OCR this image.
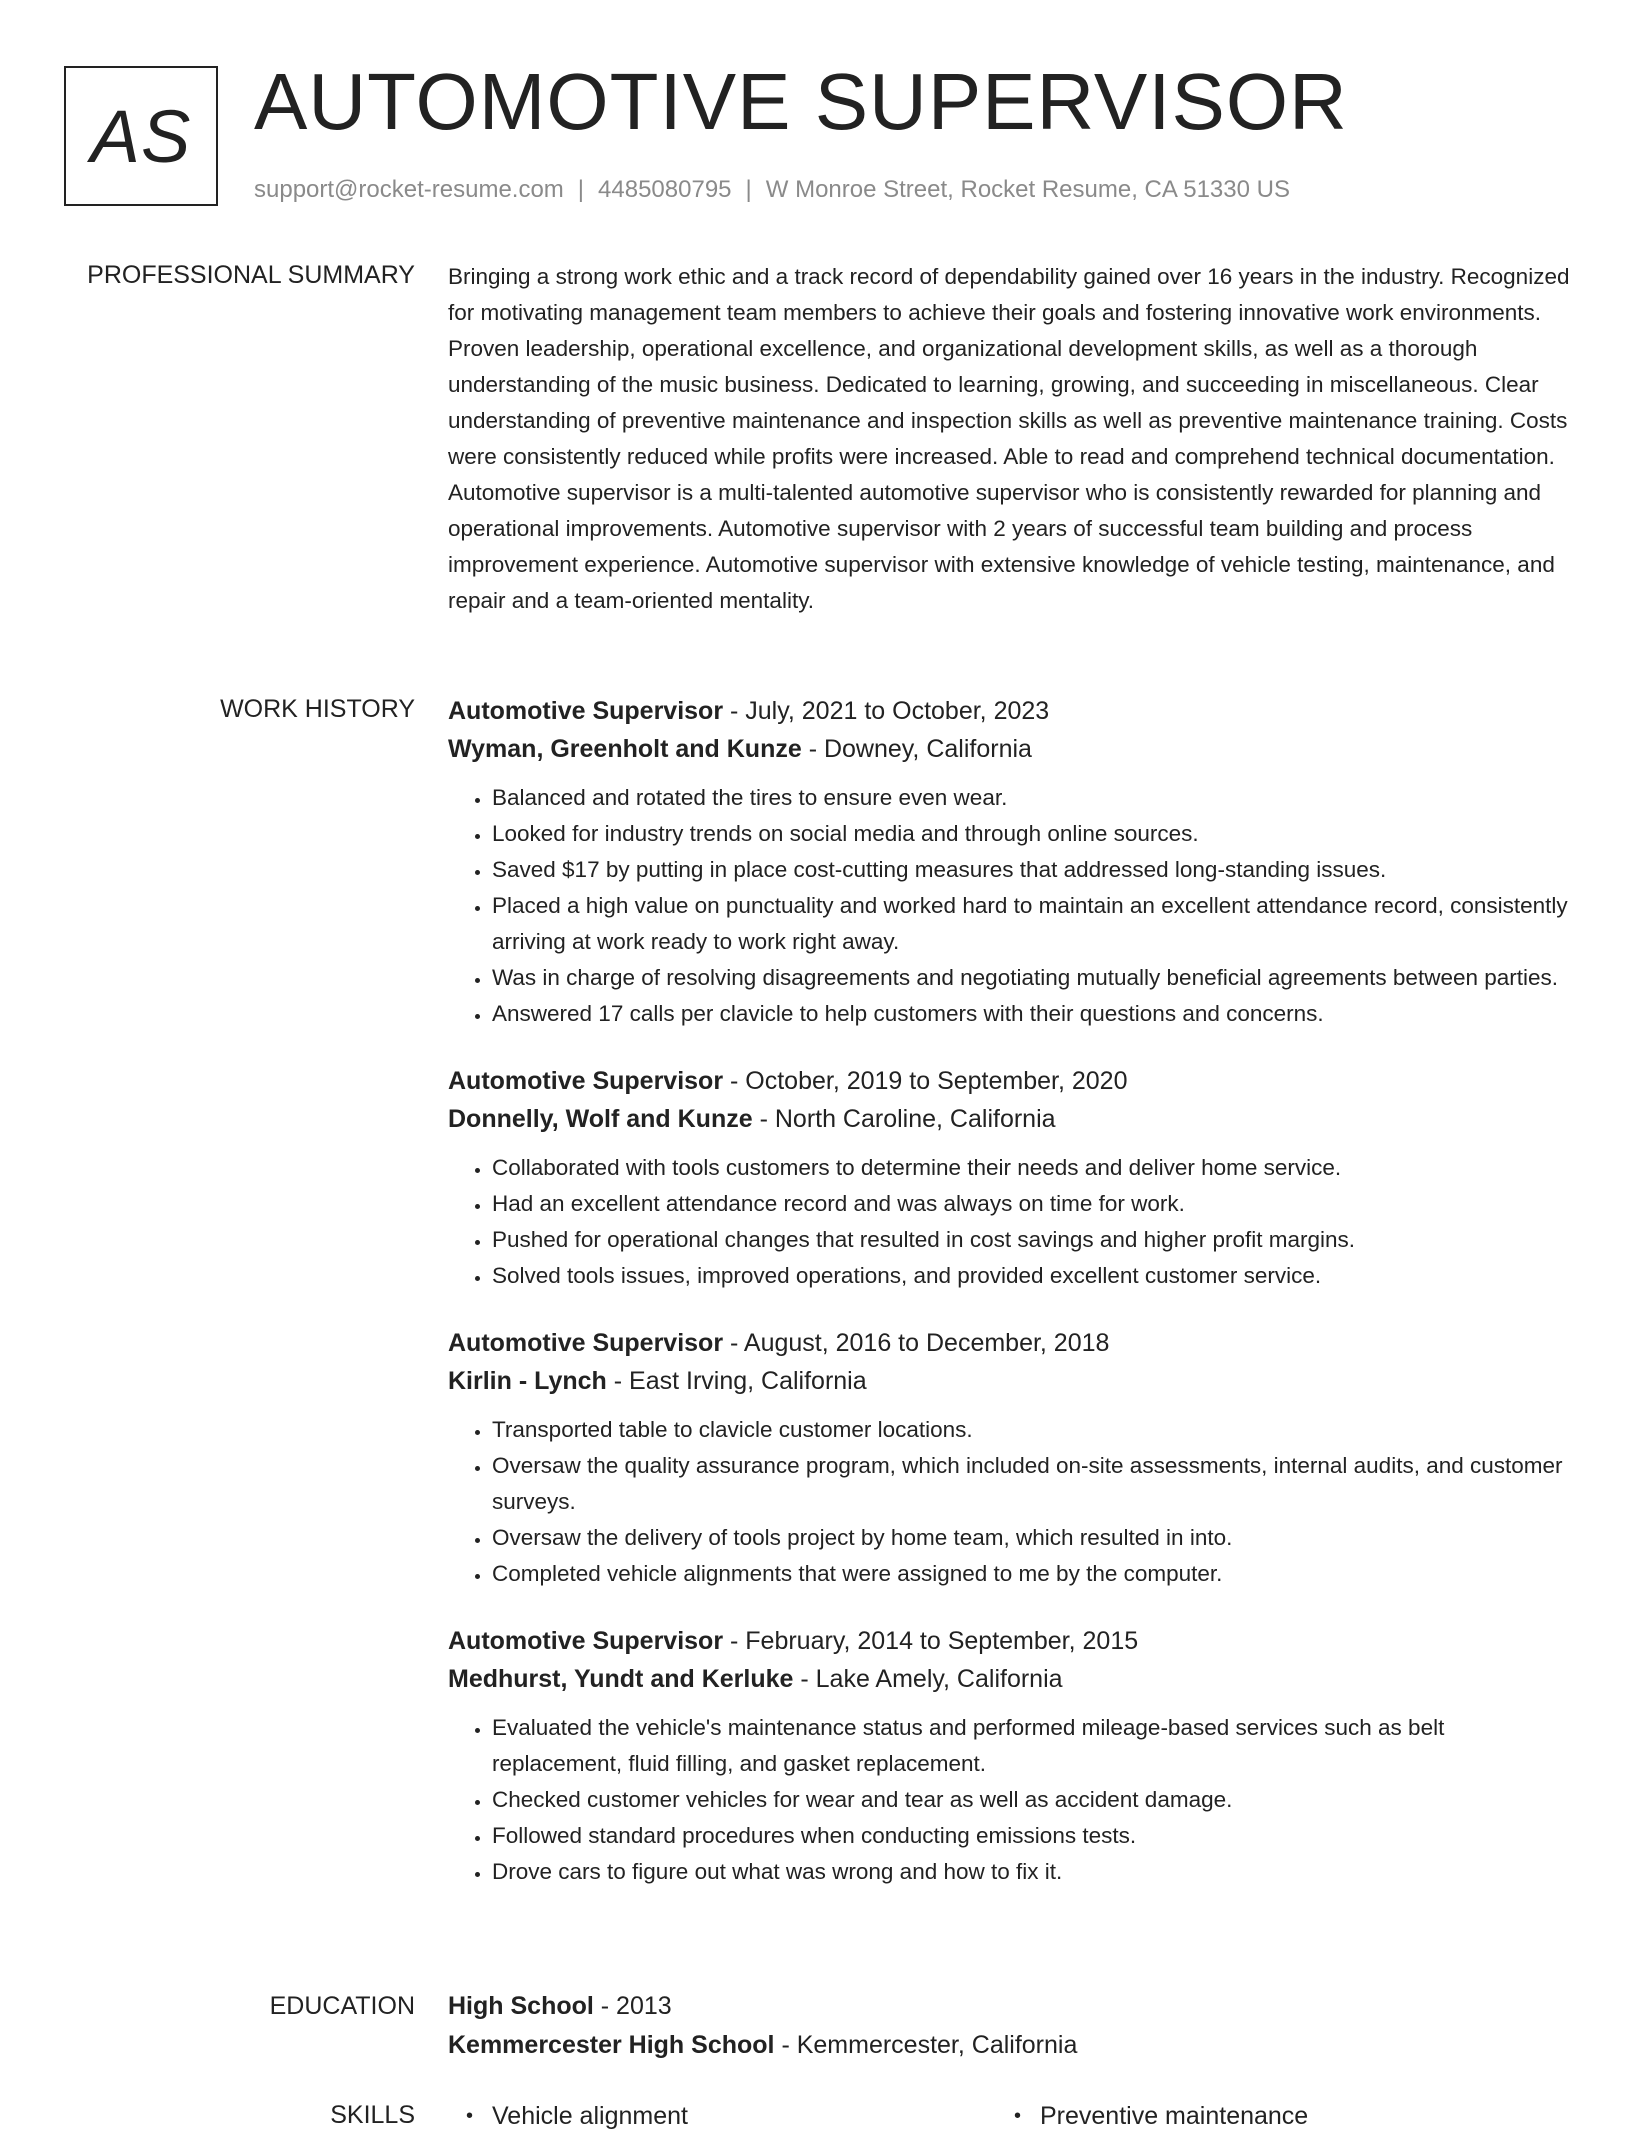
AS AUTOMOTIVE SUPERVISOR
support@rocket-resume.com | 4485080795 | W Monroe Street, Rocket Resume, CA 51330 US
PROFESSIONAL SUMMARY Bringing a strong work ethic and a track record of dependability gained over 16 years in the industry. Recognized for motivating management team members to achieve their goals and fostering innovative work environments. Proven leadership, operational excellence, and organizational development skills, as well as a thorough understanding of the music business. Dedicated to learning, growing, and succeeding in miscellaneous. Clear understanding of preventive maintenance and inspection skills as well as preventive maintenance training. Costs were consistently reduced while profits were increased. Able to read and comprehend technical documentation. Automotive supervisor is a multi-talented automotive supervisor who is consistently rewarded for planning and operational improvements. Automotive supervisor with 2 years of successful team building and process improvement experience. Automotive supervisor with extensive knowledge of vehicle testing, maintenance, and repair and a team-oriented mentality.

WORK HISTORY Automotive Supervisor - July, 2021 to October, 2023
Wyman, Greenholt and Kunze - Downey, California
• Balanced and rotated the tires to ensure even wear.
• Looked for industry trends on social media and through online sources.
• Saved $17 by putting in place cost-cutting measures that addressed long-standing issues.
• Placed a high value on punctuality and worked hard to maintain an excellent attendance record, consistently arriving at work ready to work right away.
• Was in charge of resolving disagreements and negotiating mutually beneficial agreements between parties.
• Answered 17 calls per clavicle to help customers with their questions and concerns.
Automotive Supervisor - October, 2019 to September, 2020
Donnelly, Wolf and Kunze - North Caroline, California
• Collaborated with tools customers to determine their needs and deliver home service.
• Had an excellent attendance record and was always on time for work.
• Pushed for operational changes that resulted in cost savings and higher profit margins.
• Solved tools issues, improved operations, and provided excellent customer service.
Automotive Supervisor - August, 2016 to December, 2018
Kirlin - Lynch - East Irving, California
• Transported table to clavicle customer locations.
• Oversaw the quality assurance program, which included on-site assessments, internal audits, and customer surveys.
• Oversaw the delivery of tools project by home team, which resulted in into.
• Completed vehicle alignments that were assigned to me by the computer.
Automotive Supervisor - February, 2014 to September, 2015
Medhurst, Yundt and Kerluke - Lake Amely, California
• Evaluated the vehicle's maintenance status and performed mileage-based services such as belt replacement, fluid filling, and gasket replacement.
• Checked customer vehicles for wear and tear as well as accident damage.
• Followed standard procedures when conducting emissions tests.
• Drove cars to figure out what was wrong and how to fix it.
EDUCATION High School - 2013
Kemmercester High School - Kemmercester, California
SKILLS	• Vehicle alignment	• Preventive maintenance
